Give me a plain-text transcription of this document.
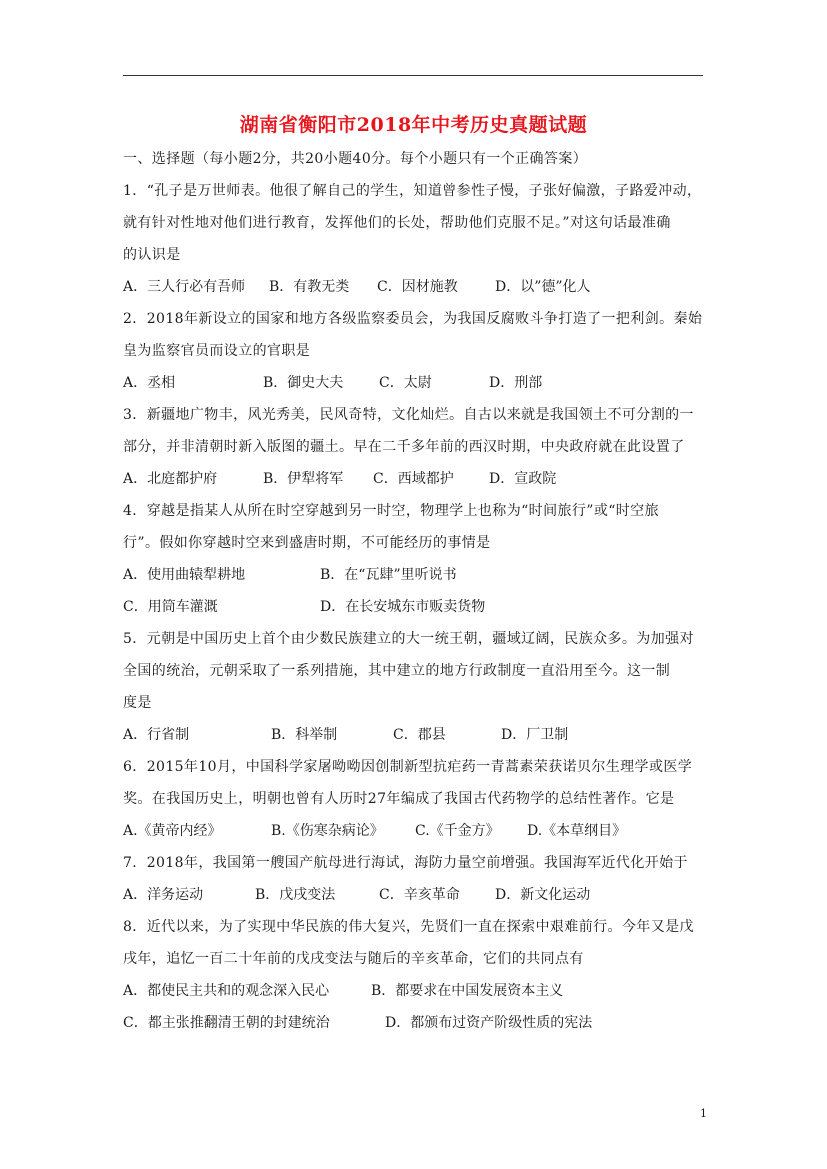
湖南省衡阳市2018年中考历史真题试题
一、选择题（每小题2分，共20小题40分。每个小题只有一个正确答案）
1．“孔子是万世师表。他很了解自己的学生，知道曾参性子慢，子张好偏激，子路爱冲动，
就有针对性地对他们进行教育，发挥他们的长处，帮助他们克服不足。”对这句话最准确
的认识是
A．三人行必有吾师 B．有教无类 C．因材施教	D．以”德”化人
2．2018年新设立的国家和地方各级监察委员会，为我国反腐败斗争打造了一把利剑。秦始
皇为监察官员而设立的官职是
A．丞相	B．御史大夫	C．太尉	D．刑部
3．新疆地广物丰，风光秀美，民风奇特，文化灿烂。自古以来就是我国领土不可分割的一
部分，并非清朝时新入版图的疆土。早在二千多年前的西汉时期，中央政府就在此设置了
A．北庭都护府	B．伊犁将军 C．西域都护	D．宣政院
4．穿越是指某人从所在时空穿越到另一时空，物理学上也称为“时间旅行”或“时空旅
行”。假如你穿越时空来到盛唐时期，不可能经历的事情是
A．使用曲辕犁耕地	B．在“瓦肆”里听说书
C．用筒车灌溉	D．在长安城东市贩卖货物
5．元朝是中国历史上首个由少数民族建立的大一统王朝，疆域辽阔，民族众多。为加强对
全国的统治，元朝采取了一系列措施，其中建立的地方行政制度一直沿用至今。这一制
度是
A．行省制	B．科举制	C．郡县	D．厂卫制
6．2015年10月，中国科学家屠呦呦因创制新型抗疟药一青蒿素荣获诺贝尔生理学或医学
奖。在我国历史上，明朝也曾有人历时27年编成了我国古代药物学的总结性著作。它是
A.《黄帝内经》	B.《伤寒杂病论》 C.《千金方》 D.《本草纲目》
7．2018年，我国第一艘国产航母进行海试，海防力量空前增强。我国海军近代化开始于
A．洋务运动	B．戊戌变法	C．辛亥革命	D．新文化运动
8．近代以来，为了实现中华民族的伟大复兴，先贤们一直在探索中艰难前行。今年又是戊
戌年，追忆一百二十年前的戊戌变法与随后的辛亥革命，它们的共同点有
A．都使民主共和的观念深入民心	B．都要求在中国发展资本主义
C．都主张推翻清王朝的封建统治	D．都颁布过资产阶级性质的宪法
1
